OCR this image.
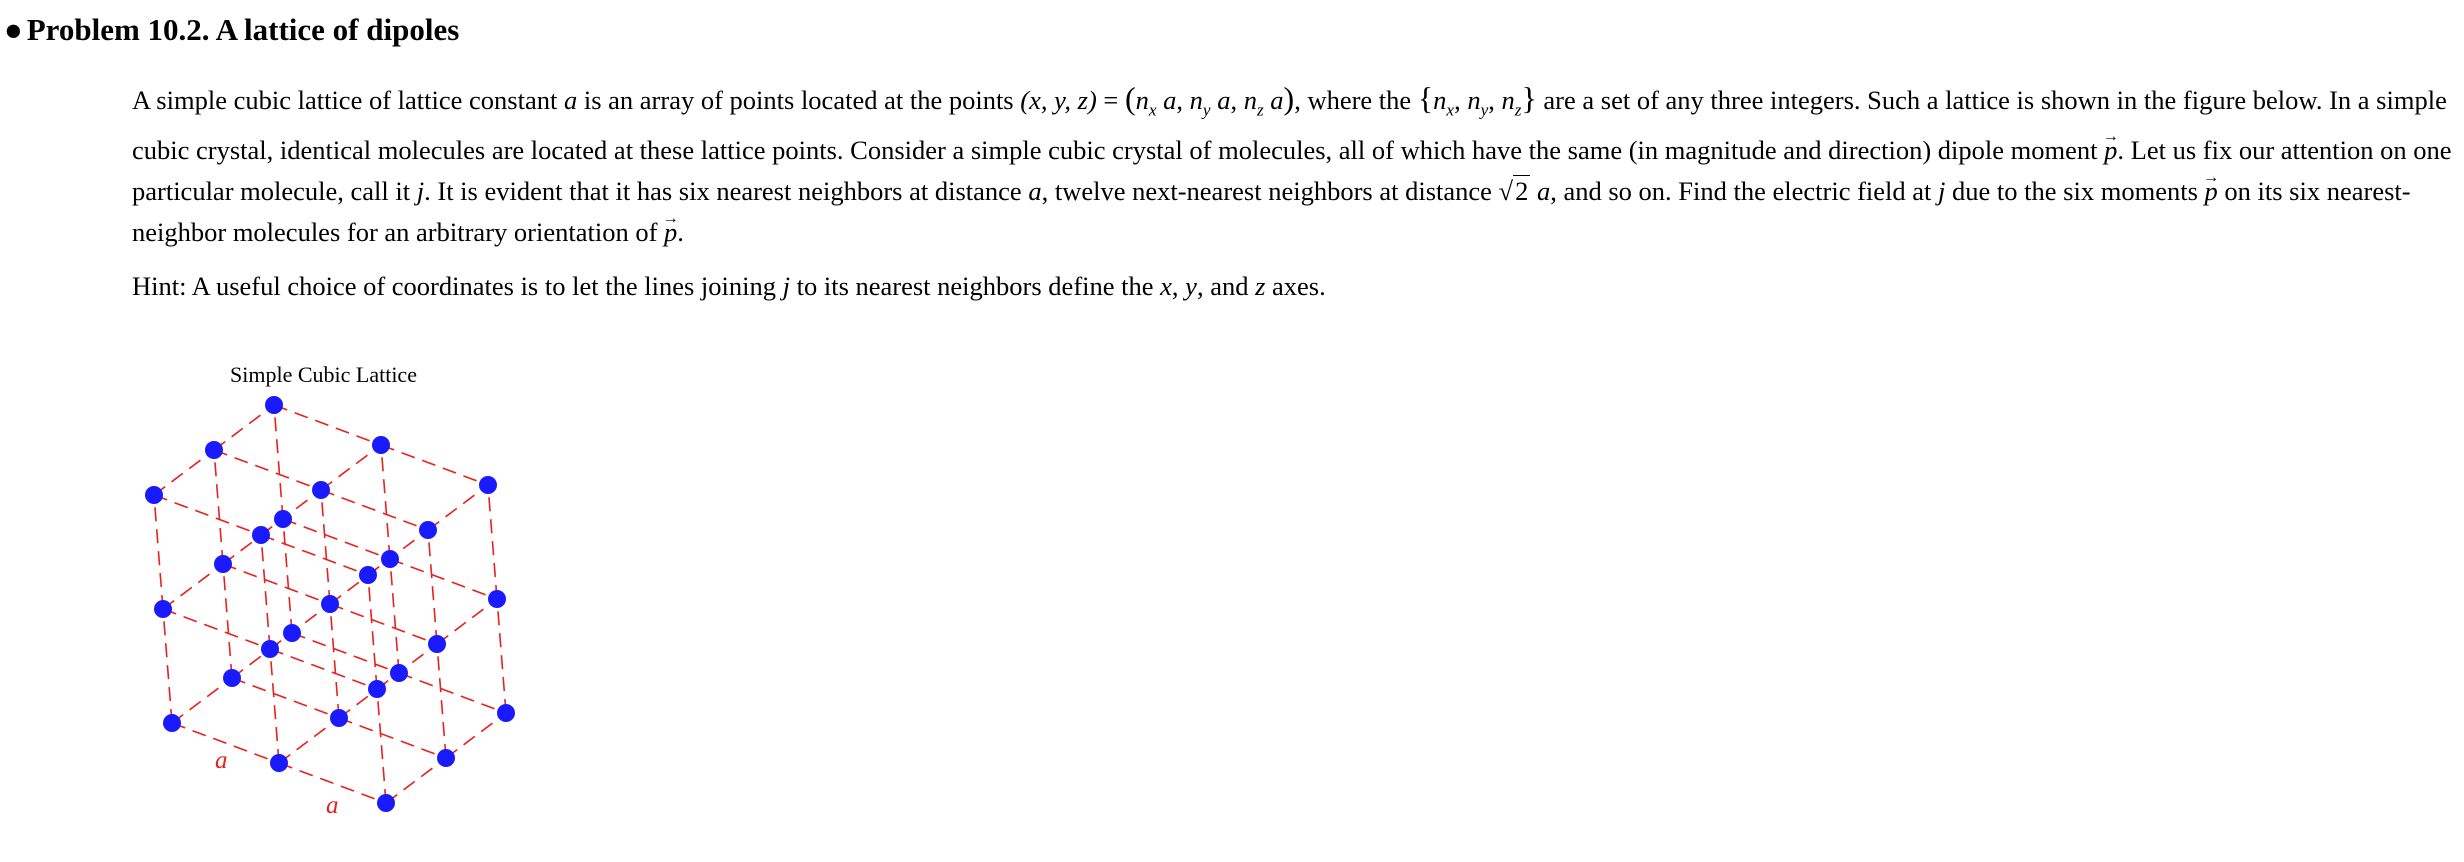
● Problem 10.2. A lattice of dipoles
A simple cubic lattice of lattice constant a is an array of points located at the points (x, y, $z) = (n_x$ a, $n_y$ a, $n_z$ a), where the {$n_x$, $n_y$, $n_z$} are a set of any three integers. Such a lattice is shown in the figure below. In a simple cubic crystal, identical molecules are located at these lattice points. Consider a simple cubic crystal of molecules, all of which have the same (in magnitude and direction) dipole moment → p. Let us fix our attention on one particular molecule, call it j. It is evident that it has six nearest neighbors at distance a, twelve next-nearest neighbors at distance √2 a, and so on. Find the electric field at j due to the six moments → p on its six nearest-neighbor molecules for an arbitrary orientation of → p.
Hint: A useful choice of coordinates is to let the lines joining j to its nearest neighbors define the x, y, and z axes.
Simple Cubic Lattice
a
a
